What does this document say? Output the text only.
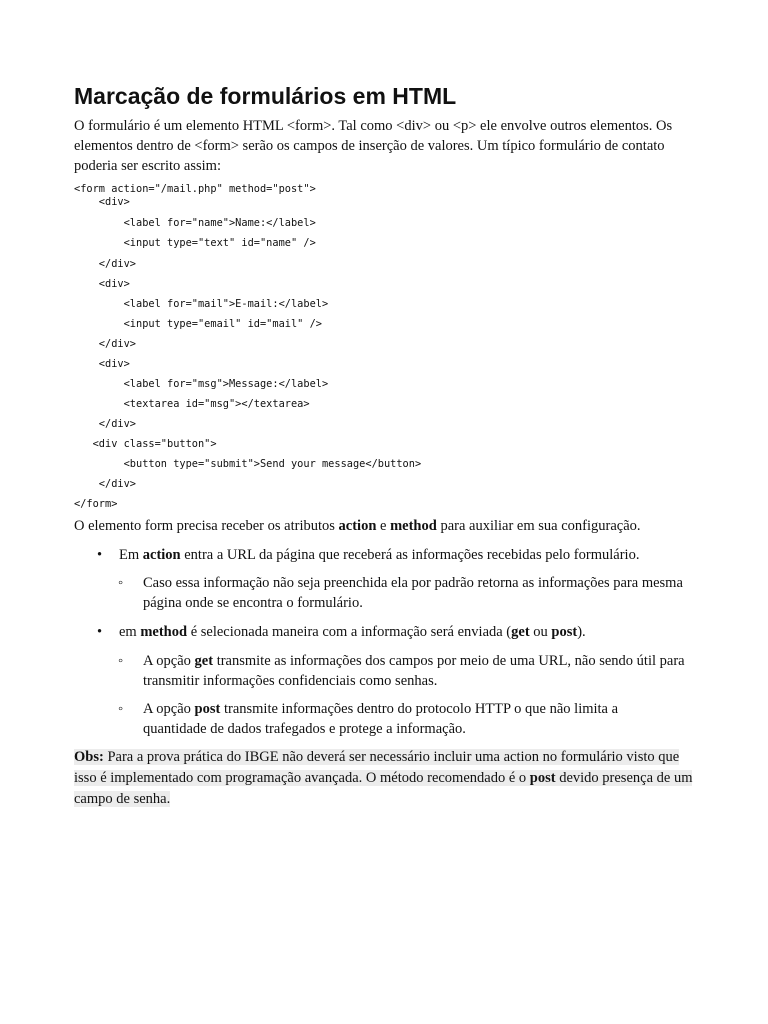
Marcação de formulários em HTML

O formulário é um elemento HTML <form>. Tal como <div> ou <p> ele envolve outros elementos. Os elementos dentro de <form> serão os campos de inserção de valores. Um típico formulário de contato poderia ser escrito assim:

<form action="/mail.php" method="post">
<div>
<label for="name">Name:</label>
<input type="text" id="name" />
</div>
<div>
<label for="mail">E-mail:</label>
<input type="email" id="mail" />
</div>
<div>
<label for="msg">Message:</label>
<textarea id="msg"></textarea>
</div>
<div class="button">
<button type="submit">Send your message</button>
</div>
</form>

O elemento form precisa receber os atributos action e method para auxiliar em sua configuração.

• Em action entra a URL da página que receberá as informações recebidas pelo formulário.
◦ Caso essa informação não seja preenchida ela por padrão retorna as informações para mesma página onde se encontra o formulário.
• em method é selecionada maneira com a informação será enviada (get ou post).
◦ A opção get transmite as informações dos campos por meio de uma URL, não sendo útil para transmitir informações confidenciais como senhas.
◦ A opção post transmite informações dentro do protocolo HTTP o que não limita a quantidade de dados trafegados e protege a informação.

Obs: Para a prova prática do IBGE não deverá ser necessário incluir uma action no formulário visto que isso é implementado com programação avançada. O método recomendado é o post devido presença de um campo de senha.
